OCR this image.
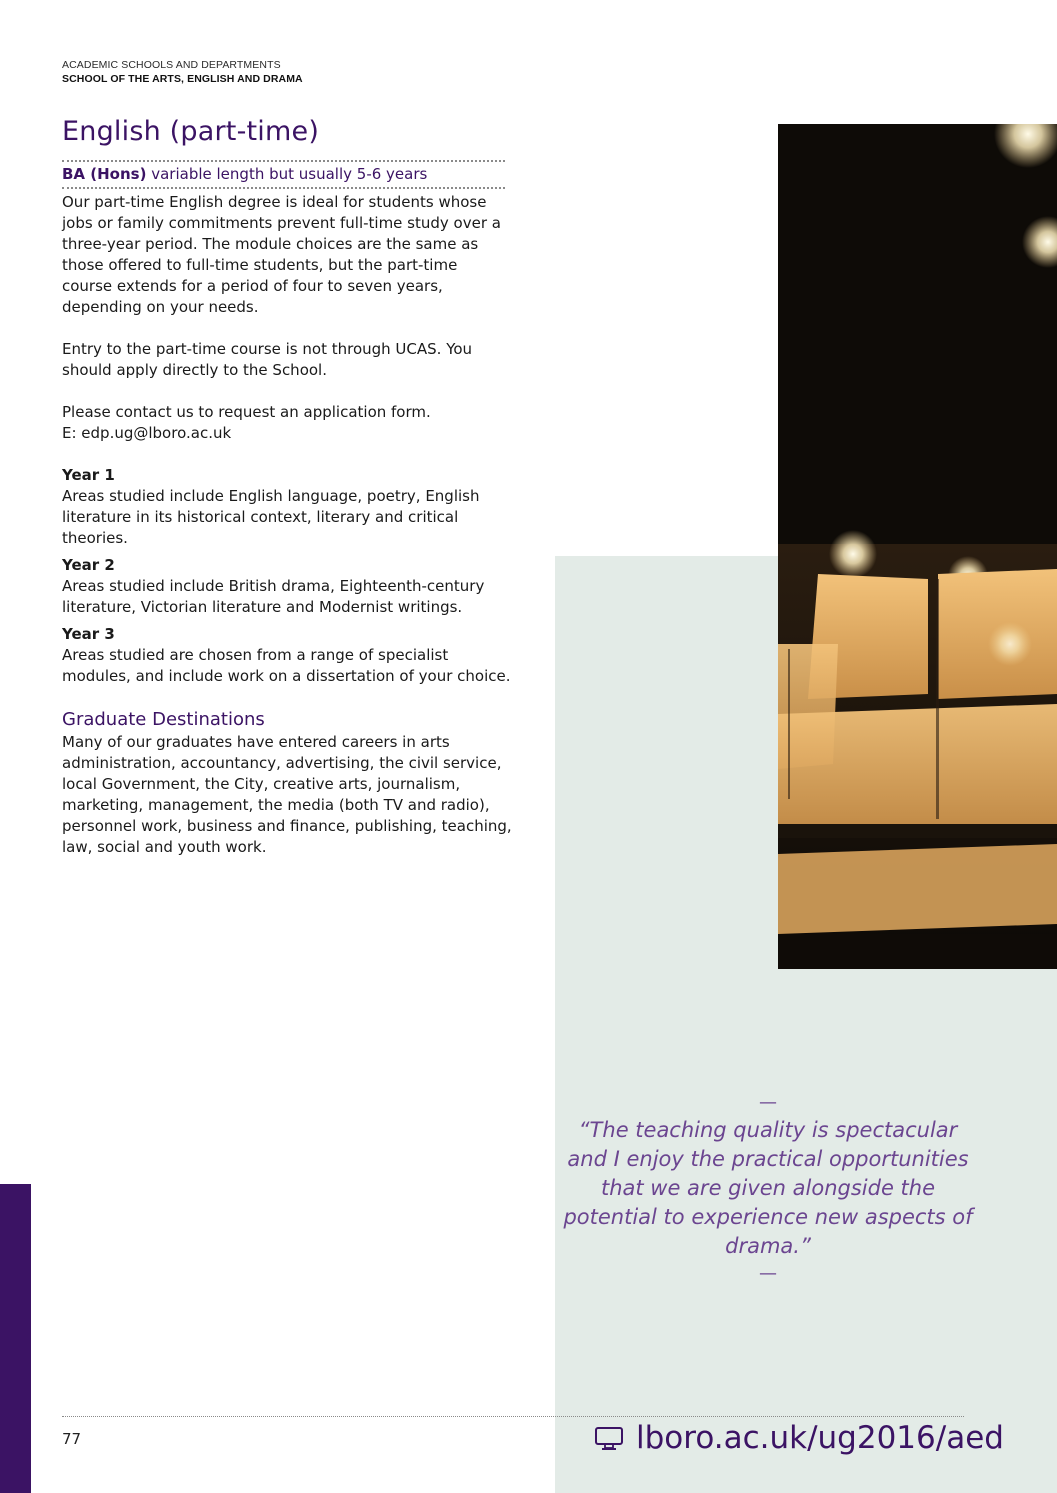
ACADEMIC SCHOOLS AND DEPARTMENTS
SCHOOL OF THE ARTS, ENGLISH AND DRAMA
English (part-time)
BA (Hons) variable length but usually 5-6 years

Our part-time English degree is ideal for students whose jobs or family commitments prevent full-time study over a three-year period. The module choices are the same as those offered to full-time students, but the part-time course extends for a period of four to seven years, depending on your needs.

Entry to the part-time course is not through UCAS. You should apply directly to the School.

Please contact us to request an application form.

E: edp.ug@lboro.ac.uk

Year 1

Areas studied include English language, poetry, English literature in its historical context, literary and critical theories.

Year 2

Areas studied include British drama, Eighteenth-century literature, Victorian literature and Modernist writings.

Year 3

Areas studied are chosen from a range of specialist modules, and include work on a dissertation of your choice.

Graduate Destinations

Many of our graduates have entered careers in arts administration, accountancy, advertising, the civil service, local Government, the City, creative arts, journalism, marketing, management, the media (both TV and radio), personnel work, business and finance, publishing, teaching, law, social and youth work.

—
“The teaching quality is spectacular and I enjoy the practical opportunities that we are given alongside the potential to experience new aspects of drama.”
—
77	lboro.ac.uk/ug2016/aed
